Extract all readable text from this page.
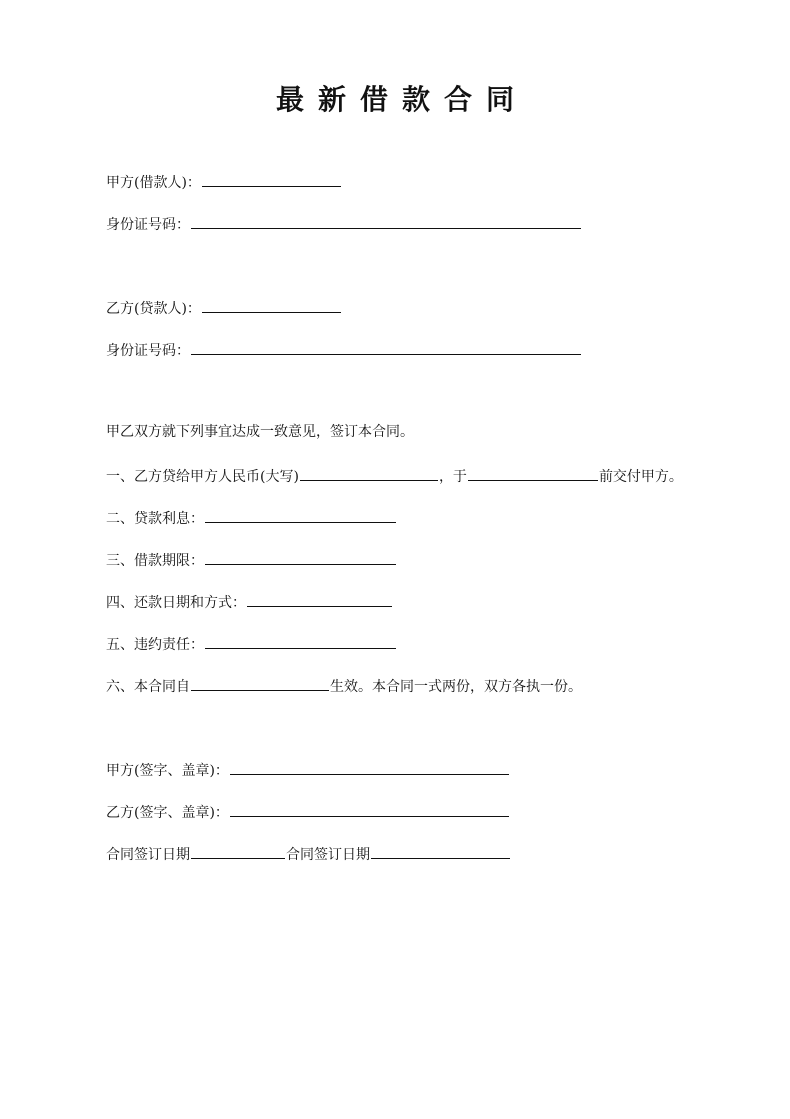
最新借款合同
甲方(借款人)：
身份证号码：
乙方(贷款人)：
身份证号码：
甲乙双方就下列事宜达成一致意见，签订本合同。
一、乙方贷给甲方人民币(大写)	，于	前交付甲方。
二、贷款利息：
三、借款期限：
四、还款日期和方式：
五、违约责任：
六、本合同自	生效。本合同一式两份，双方各执一份。
甲方(签字、盖章)：
乙方(签字、盖章)：
合同签订日期	合同签订日期
